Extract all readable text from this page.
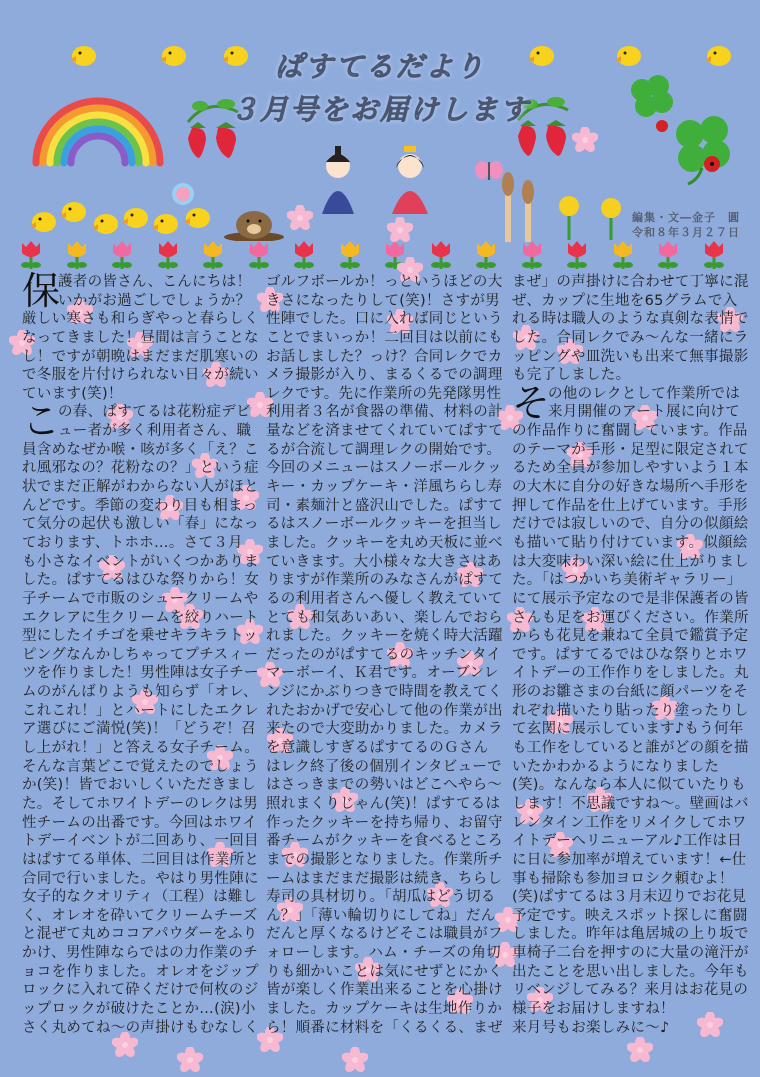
ぱすてるだより
３月号をお届けします
編集・文―金子　圓
令和８年３月２７日
保
護者の皆さん、こんにちは！
いかがお過ごしでしょうか？
厳しい寒さも和らぎやっと春らしく
なってきました！昼間は言うことな
し！ですが朝晩はまだまだ肌寒いの
で冬服を片付けられない日々が続い
ています(笑)！
こ
の春、ぱすてるは花粉症デビ
ュー者が多く利用者さん、職
員含めなぜか喉・咳が多く「え？こ
れ風邪なの？花粉なの？」という症
状でまだ正解がわからない人がほと
んどです。季節の変わり目も相まっ
て気分の起伏も激しい「春」になっ
ております、トホホ…。さて３月
も小さなイベントがいくつかありま
した。ぱすてるはひな祭りから！女
子チームで市販のシュークリームや
エクレアに生クリームを絞りハート
型にしたイチゴを乗せキラキラトッ
ピングなんかしちゃってプチスィー
ツを作りました！男性陣は女子チー
ムのがんばりようも知らず「オレ、
これこれ！」とハートにしたエクレ
ア選びにご満悦(笑)！「どうぞ！召
し上がれ！」と答える女子チーム。
そんな言葉どこで覚えたのでしょう
か(笑)！皆でおいしくいただきまし
た。そしてホワイトデーのレクは男
性チームの出番です。今回はホワイ
トデーイベントが二回あり、一回目
はぱすてる単体、二回目は作業所と
合同で行いました。やはり男性陣に
女子的なクオリティ（工程）は難し
く、オレオを砕いてクリームチーズ
と混ぜて丸めココアパウダーをふり
かけ、男性陣ならではの力作業のチ
ョコを作りました。オレオをジップ
ロックに入れて砕くだけで何枚のジ
ップロックが破けたことか…(涙)小
さく丸めてね～の声掛けもむなしく
ゴルフボールか！っというほどの大
きさになったりして(笑)！さすが男
性陣でした。口に入れば同じという
ことでまいっか！二回目は以前にも
お話しました？っけ？合同レクでカ
メラ撮影が入り、まるくるでの調理
レクです。先に作業所の先発隊男性
利用者３名が食器の準備、材料の計
量などを済ませてくれていてぱすて
るが合流して調理レクの開始です。
今回のメニューはスノーボールクッ
キー・カップケーキ・洋風ちらし寿
司・素麺汁と盛沢山でした。ぱすて
るはスノーボールクッキーを担当し
ました。クッキーを丸め天板に並べ
ていきます。大小様々な大きさはあ
りますが作業所のみなさんがぱすて
るの利用者さんへ優しく教えていて
とても和気あいあい、楽しんでおら
れました。クッキーを焼く時大活躍
だったのがぱすてるのキッチンタイ
マーボーイ、Ｋ君です。オーブンレ
ンジにかぶりつきで時間を教えてく
れたおかげで安心して他の作業が出
来たので大変助かりました。カメラ
を意識しすぎるぱすてるのＧさん
はレク終了後の個別インタビューで
はさっきまでの勢いはどこへやら～
照れまくりじゃん(笑)！ぱすてるは
作ったクッキーを持ち帰り、お留守
番チームがクッキーを食べるところ
までの撮影となりました。作業所チ
ームはまだまだ撮影は続き、ちらし
寿司の具材切り。「胡瓜はどう切る
ん？」「薄い輪切りにしてね」だん
だんと厚くなるけどそこは職員がフ
ォローします。ハム・チーズの角切
りも細かいことは気にせずとにかく
皆が楽しく作業出来ることを心掛け
ました。カップケーキは生地作りか
ら！順番に材料を「くるくる、まぜ
まぜ」の声掛けに合わせて丁寧に混
ぜ、カップに生地を65グラムで入
れる時は職人のような真剣な表情で
した。合同レクでみ～んな一緒にラ
ッピングや皿洗いも出来て無事撮影
も完了しました。
そ
の他のレクとして作業所では
来月開催のアート展に向けて
の作品作りに奮闘しています。作品
のテーマが手形・足型に限定されて
るため全員が参加しやすいよう１本
の大木に自分の好きな場所へ手形を
押して作品を仕上げています。手形
だけでは寂しいので、自分の似顔絵
も描いて貼り付けています。似顔絵
は大変味わい深い絵に仕上がりまし
た。「はつかいち美術ギャラリー」
にて展示予定なので是非保護者の皆
さんも足をお運びください。作業所
からも花見を兼ねて全員で鑑賞予定
です。ぱすてるではひな祭りとホワ
イトデーの工作作りをしました。丸
形のお雛さまの台紙に顔パーツをそ
れぞれ描いたり貼ったり塗ったりし
て玄関に展示しています♪もう何年
も工作をしていると誰がどの顔を描
いたかわかるようになりました
(笑)。なんなら本人に似ていたりも
します！不思議ですね～。壁画はバ
レンタイン工作をリメイクしてホワ
イトデーへリニューアル♪工作は日
に日に参加率が増えています！←仕
事も掃除も参加ヨロシク頼むよ！
(笑)ぱすてるは３月末辺りでお花見
予定です。映えスポット探しに奮闘
しました。昨年は亀居城の上り坂で
車椅子二台を押すのに大量の滝汗が
出たことを思い出しました。今年も
リベンジしてみる？来月はお花見の
様子をお届けしますね！
来月号もお楽しみに～♪
